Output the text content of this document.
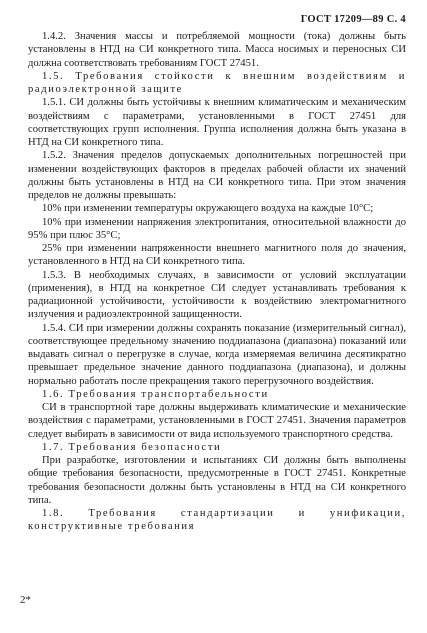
ГОСТ 17209—89 С. 4

1.4.2. Значения массы и потребляемой мощности (тока) должны быть установлены в НТД на СИ конкретного типа. Масса носимых и переносных СИ должна соответствовать требованиям ГОСТ 27451.

1.5. Требования стойкости к внешним воздействиям и радиоэлектронной защите

1.5.1. СИ должны быть устойчивы к внешним климатическим и механическим воздействиям с параметрами, установленными в ГОСТ 27451 для соответствующих групп исполнения. Группа исполнения должна быть указана в НТД на СИ конкретного типа.

1.5.2. Значения пределов допускаемых дополнительных погрешностей при изменении воздействующих факторов в пределах рабочей области их значений должны быть установлены в НТД на СИ конкретного типа. При этом значения пределов не должны превышать:

10% при изменении температуры окружающего воздуха на каждые 10°С;

10% при изменении напряжения электропитания, относительной влажности до 95% при плюс 35°С;

25% при изменении напряженности внешнего магнитного поля до значения, установленного в НТД на СИ конкретного типа.

1.5.3. В необходимых случаях, в зависимости от условий эксплуатации (применения), в НТД на конкретное СИ следует устанавливать требования к радиационной устойчивости, устойчивости к воздействию электромагнитного излучения и радиоэлектронной защищенности.

1.5.4. СИ при измерении должны сохранять показание (измерительный сигнал), соответствующее предельному значению поддиапазона (диапазона) показаний или выдавать сигнал о перегрузке в случае, когда измеряемая величина десятикратно превышает предельное значение данного поддиапазона (диапазона), и должны нормально работать после прекращения такого перегрузочного воздействия.

1.6. Требования транспортабельности

СИ в транспортной таре должны выдерживать климатические и механические воздействия с параметрами, установленными в ГОСТ 27451. Значения параметров следует выбирать в зависимости от вида используемого транспортного средства.

1.7. Требования безопасности

При разработке, изготовлении и испытаниях СИ должны быть выполнены общие требования безопасности, предусмотренные в ГОСТ 27451. Конкретные требования безопасности должны быть установлены в НТД на СИ конкретного типа.

1.8. Требования стандартизации и унификации, конструктивные требования

2*
